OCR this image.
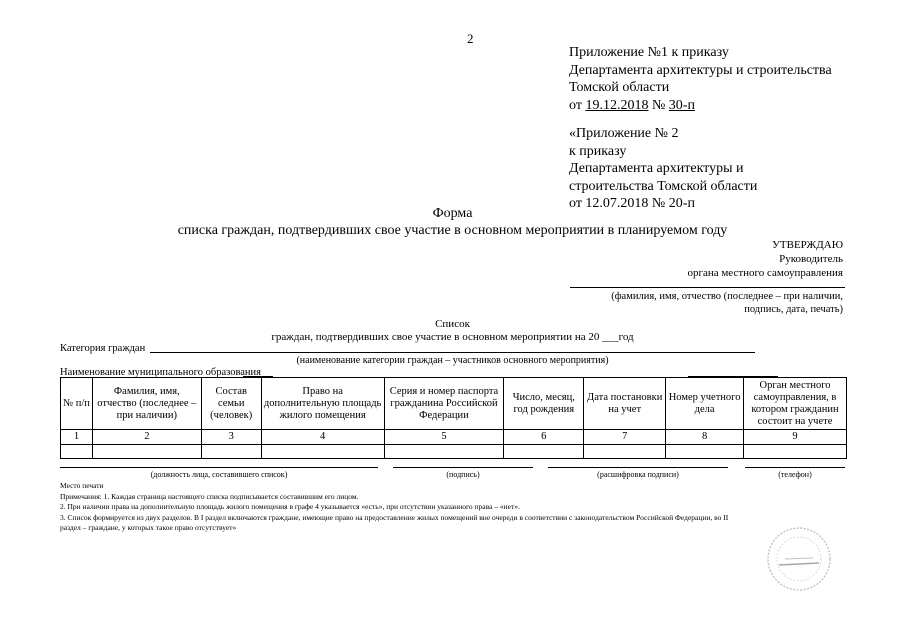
2
Приложение №1 к приказу
Департамента архитектуры и строительства
Томской области
от 19.12.2018 № 30-п
«Приложение № 2
к приказу
Департамента архитектуры и
строительства Томской области
от 12.07.2018 № 20-п
Форма
списка граждан, подтвердивших свое участие в основном мероприятии в планируемом году
УТВЕРЖДАЮ
Руководитель
органа местного самоуправления
(фамилия, имя, отчество (последнее – при наличии,
подпись, дата, печать)
Список
граждан, подтвердивших свое участие в основном мероприятии на 20 ___год
Категория граждан
(наименование категории граждан – участников основного мероприятия)
Наименование муниципального образования
№ п/п	Фамилия, имя, отчество (последнее – при наличии)	Состав семьи (человек)	Право на дополнительную площадь жилого помещения	Серия и номер паспорта гражданина Российской Федерации	Число, месяц, год рождения	Дата постановки на учет	Номер учетного дела	Орган местного самоуправления, в котором гражданин состоит на учете
1	2	3	4	5	6	7	8	9

(должность лица, составившего список)	(подпись)	(расшифровка подписи)	(телефон)
Место печати
Примечания: 1. Каждая страница настоящего списка подписывается составившим его лицом.
2. При наличии права на дополнительную площадь жилого помещения в графе 4 указывается «есть», при отсутствии указанного права – «нет».
3. Список формируется из двух разделов. В I раздел включаются граждане, имеющие право на предоставление жилых помещений вне очереди в соответствии с законодательством Российской Федерации, во II
раздел – граждане, у которых такое право отсутствует»
